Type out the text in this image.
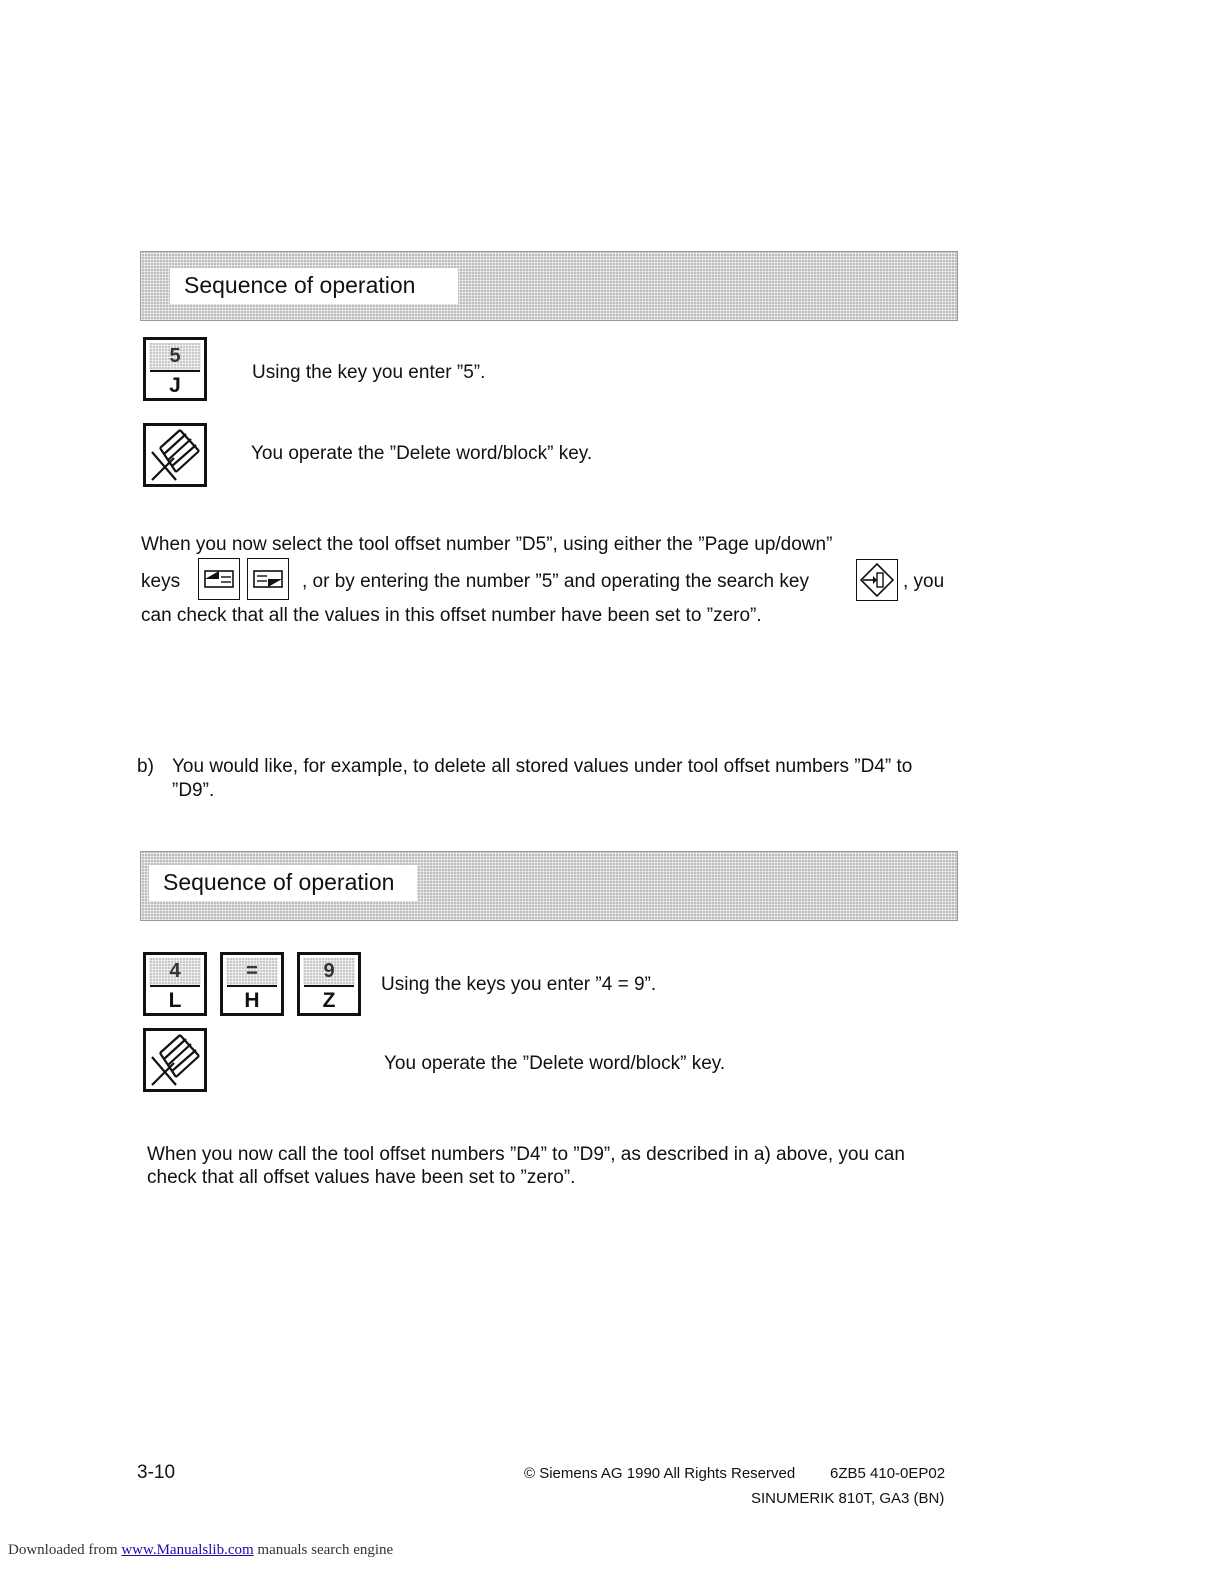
Sequence of operation
5
J
Using the key you enter ”5”.
You operate the ”Delete word/block” key.
When you now select the tool offset number ”D5”, using either the ”Page up/down”
keys	, or by entering the number ”5” and operating the search key	, you
can check that all the values in this offset number have been set to ”zero”.
b) You would like, for example, to delete all stored values under tool offset numbers ”D4” to
”D9”.
Sequence of operation
4
L
=
H
9
Z
Using the keys you enter ”4 = 9”.
You operate the ”Delete word/block” key.
When you now call the tool offset numbers ”D4” to ”D9”, as described in a) above, you can
check that all offset values have been set to ”zero”.
3-10	© Siemens AG 1990 All Rights Reserved 6ZB5 410-0EP02
SINUMERIK 810T, GA3 (BN)
Downloaded from www.Manualslib.com manuals search engine
